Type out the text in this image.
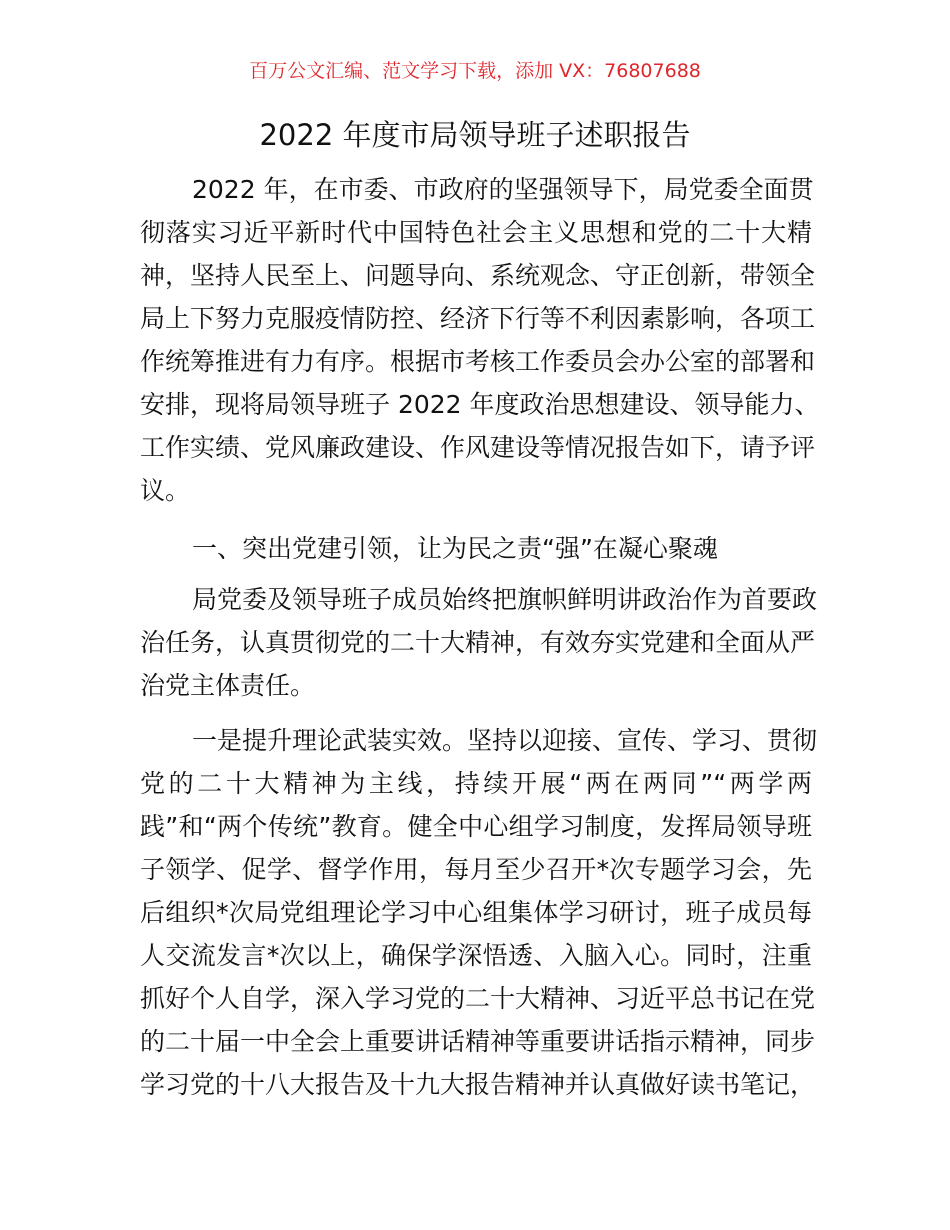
百万公文汇编、范文学习下载，添加 VX：76807688
2022 年度市局领导班子述职报告
2022 年，在市委、市政府的坚强领导下，局党委全面贯
彻落实习近平新时代中国特色社会主义思想和党的二十大精
神，坚持人民至上、问题导向、系统观念、守正创新，带领全
局上下努力克服疫情防控、经济下行等不利因素影响，各项工
作统筹推进有力有序。根据市考核工作委员会办公室的部署和
安排，现将局领导班子 2022 年度政治思想建设、领导能力、
工作实绩、党风廉政建设、作风建设等情况报告如下，请予评
议。
一、突出党建引领，让为民之责“强”在凝心聚魂
局党委及领导班子成员始终把旗帜鲜明讲政治作为首要政
治任务，认真贯彻党的二十大精神，有效夯实党建和全面从严
治党主体责任。
一是提升理论武装实效。坚持以迎接、宣传、学习、贯彻
党的二十大精神为主线，持续开展“两在两同”“两学两
践”和“两个传统”教育。健全中心组学习制度，发挥局领导班
子领学、促学、督学作用，每月至少召开*次专题学习会，先
后组织*次局党组理论学习中心组集体学习研讨，班子成员每
人交流发言*次以上，确保学深悟透、入脑入心。同时，注重
抓好个人自学，深入学习党的二十大精神、习近平总书记在党
的二十届一中全会上重要讲话精神等重要讲话指示精神，同步
学习党的十八大报告及十九大报告精神并认真做好读书笔记，
